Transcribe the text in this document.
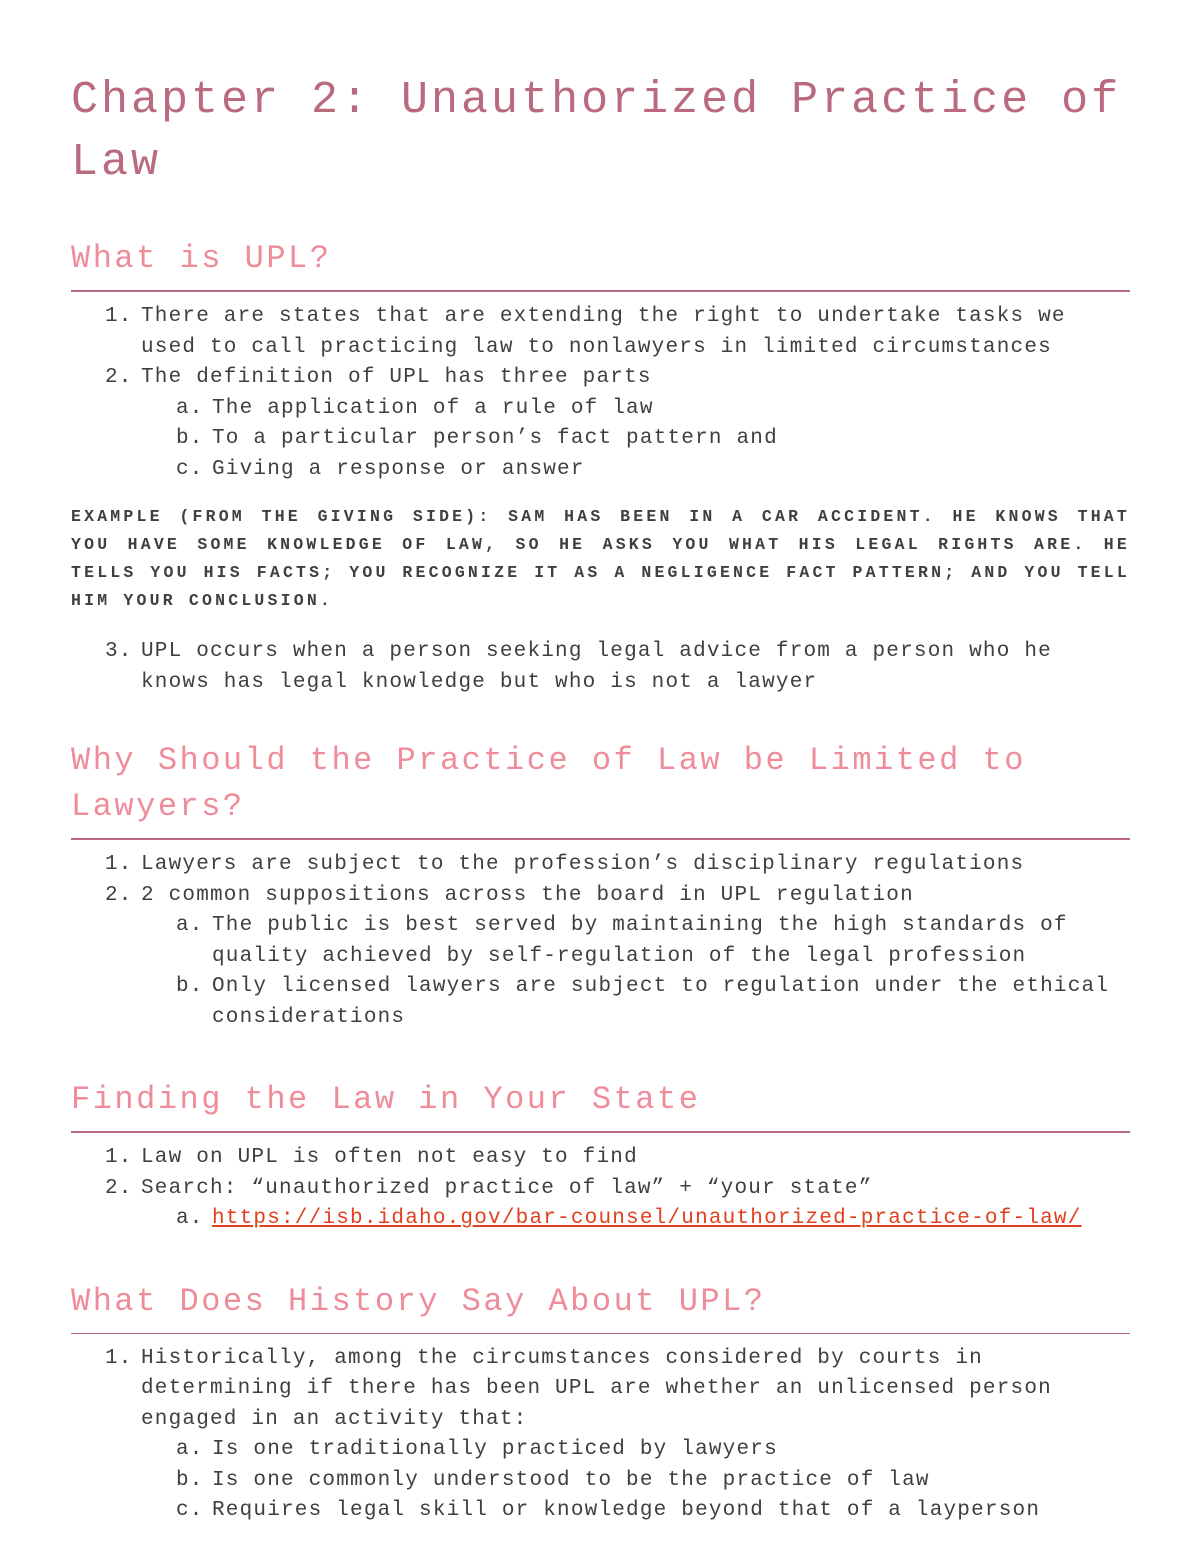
Chapter 2: Unauthorized Practice of Law
What is UPL?
1. There are states that are extending the right to undertake tasks we used to call practicing law to nonlawyers in limited circumstances
2. The definition of UPL has three parts
a. The application of a rule of law
b. To a particular person’s fact pattern and
c. Giving a response or answer

EXAMPLE (FROM THE GIVING SIDE): SAM HAS BEEN IN A CAR ACCIDENT. HE KNOWS THAT YOU HAVE SOME KNOWLEDGE OF LAW, SO HE ASKS YOU WHAT HIS LEGAL RIGHTS ARE. HE TELLS YOU HIS FACTS; YOU RECOGNIZE IT AS A NEGLIGENCE FACT PATTERN; AND YOU TELL HIM YOUR CONCLUSION.

3. UPL occurs when a person seeking legal advice from a person who he knows has legal knowledge but who is not a lawyer
Why Should the Practice of Law be Limited to Lawyers?
1. Lawyers are subject to the profession’s disciplinary regulations
2. 2 common suppositions across the board in UPL regulation
a. The public is best served by maintaining the high standards of quality achieved by self-regulation of the legal profession
b. Only licensed lawyers are subject to regulation under the ethical considerations
Finding the Law in Your State
1. Law on UPL is often not easy to find
2. Search: “unauthorized practice of law” + “your state”
a. https://isb.idaho.gov/bar-counsel/unauthorized-practice-of-law/
What Does History Say About UPL?
1. Historically, among the circumstances considered by courts in determining if there has been UPL are whether an unlicensed person engaged in an activity that:
a. Is one traditionally practiced by lawyers
b. Is one commonly understood to be the practice of law
c. Requires legal skill or knowledge beyond that of a layperson
